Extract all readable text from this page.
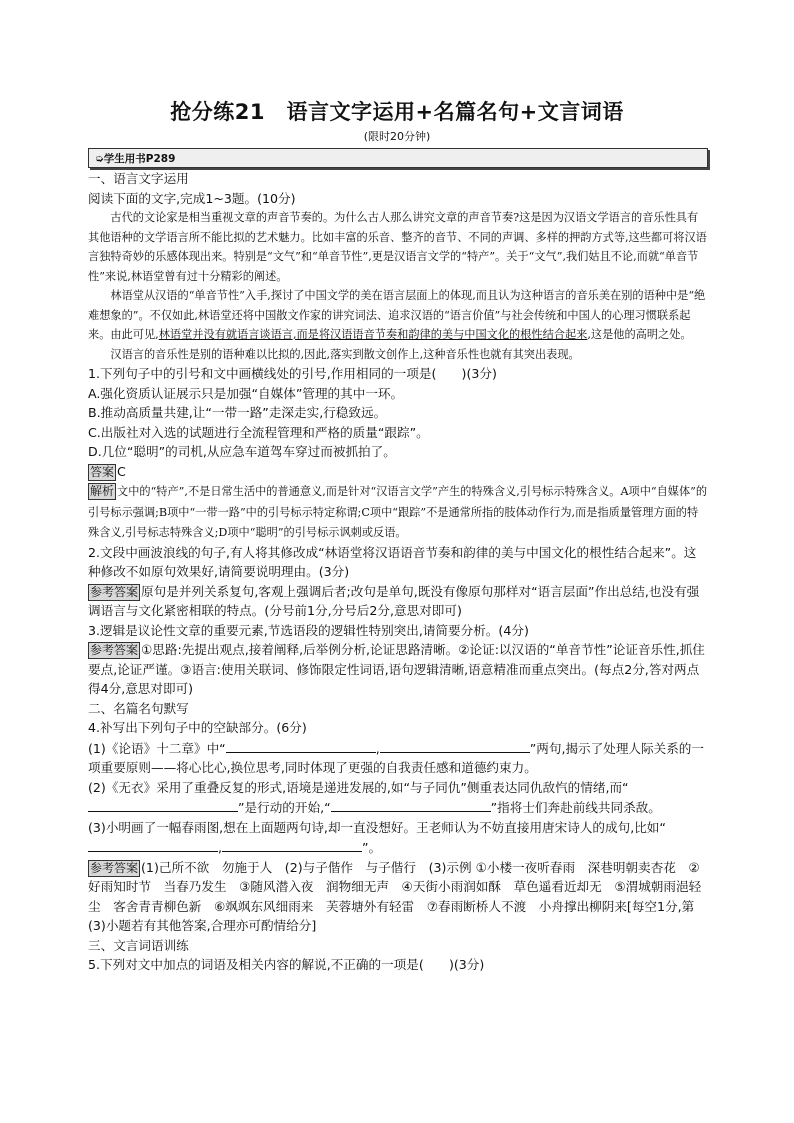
抢分练21　语言文字运用+名篇名句+文言词语
(限时20分钟)
➭学生用书P289

一、语言文字运用

阅读下面的文字,完成1~3题。(10分)

古代的文论家是相当重视文章的声音节奏的。为什么古人那么讲究文章的声音节奏?这是因为汉语文学语言的音乐性具有其他语种的文学语言所不能比拟的艺术魅力。比如丰富的乐音、整齐的音节、不同的声调、多样的押韵方式等,这些都可将汉语言独特奇妙的乐感体现出来。特别是“文气”和“单音节性”,更是汉语言文学的“特产”。关于“文气”,我们姑且不论,而就“单音节性”来说,林语堂曾有过十分精彩的阐述。

林语堂从汉语的“单音节性”入手,探讨了中国文学的美在语言层面上的体现,而且认为这种语言的音乐美在别的语种中是“绝难想象的”。不仅如此,林语堂还将中国散文作家的讲究词法、追求汉语的“语言价值”与社会传统和中国人的心理习惯联系起来。由此可见,林语堂并没有就语言谈语言,而是将汉语语音节奏和韵律的美与中国文化的根性结合起来,这是他的高明之处。

汉语言的音乐性是别的语种难以比拟的,因此,落实到散文创作上,这种音乐性也就有其突出表现。

1.下列句子中的引号和文中画横线处的引号,作用相同的一项是(　　)(3分)

A.强化资质认证展示只是加强“自媒体”管理的其中一环。

B.推动高质量共建,让“一带一路”走深走实,行稳致远。

C.出版社对入选的试题进行全流程管理和严格的质量“跟踪”。

D.几位“聪明”的司机,从应急车道驾车穿过而被抓拍了。

答案 C

解析 文中的“特产”,不是日常生活中的普通意义,而是针对“汉语言文学”产生的特殊含义,引号标示特殊含义。A项中“自媒体”的引号标示强调;B项中“一带一路”中的引号标示特定称谓;C项中“跟踪”不是通常所指的肢体动作行为,而是指质量管理方面的特殊含义,引号标志特殊含义;D项中“聪明”的引号标示讽刺或反语。

2.文段中画波浪线的句子,有人将其修改成“林语堂将汉语语音节奏和韵律的美与中国文化的根性结合起来”。这种修改不如原句效果好,请简要说明理由。(3分)

参考答案 原句是并列关系复句,客观上强调后者;改句是单句,既没有像原句那样对“语言层面”作出总结,也没有强调语言与文化紧密相联的特点。(分号前1分,分号后2分,意思对即可)

3.逻辑是议论性文章的重要元素,节选语段的逻辑性特别突出,请简要分析。(4分)

参考答案 ①思路:先提出观点,接着阐释,后举例分析,论证思路清晰。②论证:以汉语的“单音节性”论证音乐性,抓住要点,论证严谨。③语言:使用关联词、修饰限定性词语,语句逻辑清晰,语意精准而重点突出。(每点2分,答对两点得4分,意思对即可)

二、名篇名句默写

4.补写出下列句子中的空缺部分。(6分)

(1)《论语》十二章》中“	,	”两句,揭示了处理人际关系的一项重要原则——将心比心,换位思考,同时体现了更强的自我责任感和道德约束力。

(2)《无衣》采用了重叠反复的形式,语境是递进发展的,如“与子同仇”侧重表达同仇敌忾的情绪,而“”是行动的开始,“	”指将士们奔赴前线共同杀敌。

(3)小明画了一幅春雨图,想在上面题两句诗,却一直没想好。王老师认为不妨直接用唐宋诗人的成句,比如“,	”。

参考答案 (1)己所不欲　勿施于人　(2)与子偕作　与子偕行　(3)示例 ①小楼一夜听春雨　深巷明朝卖杏花　②好雨知时节　当春乃发生　③随风潜入夜　润物细无声　④天街小雨润如酥　草色遥看近却无　⑤渭城朝雨浥轻尘　客舍青青柳色新　⑥飒飒东风细雨来　芙蓉塘外有轻雷　⑦春雨断桥人不渡　小舟撑出柳阴来[每空1分,第(3)小题若有其他答案,合理亦可酌情给分]

三、文言词语训练

5.下列对文中加点的词语及相关内容的解说,不正确的一项是(　　)(3分)
